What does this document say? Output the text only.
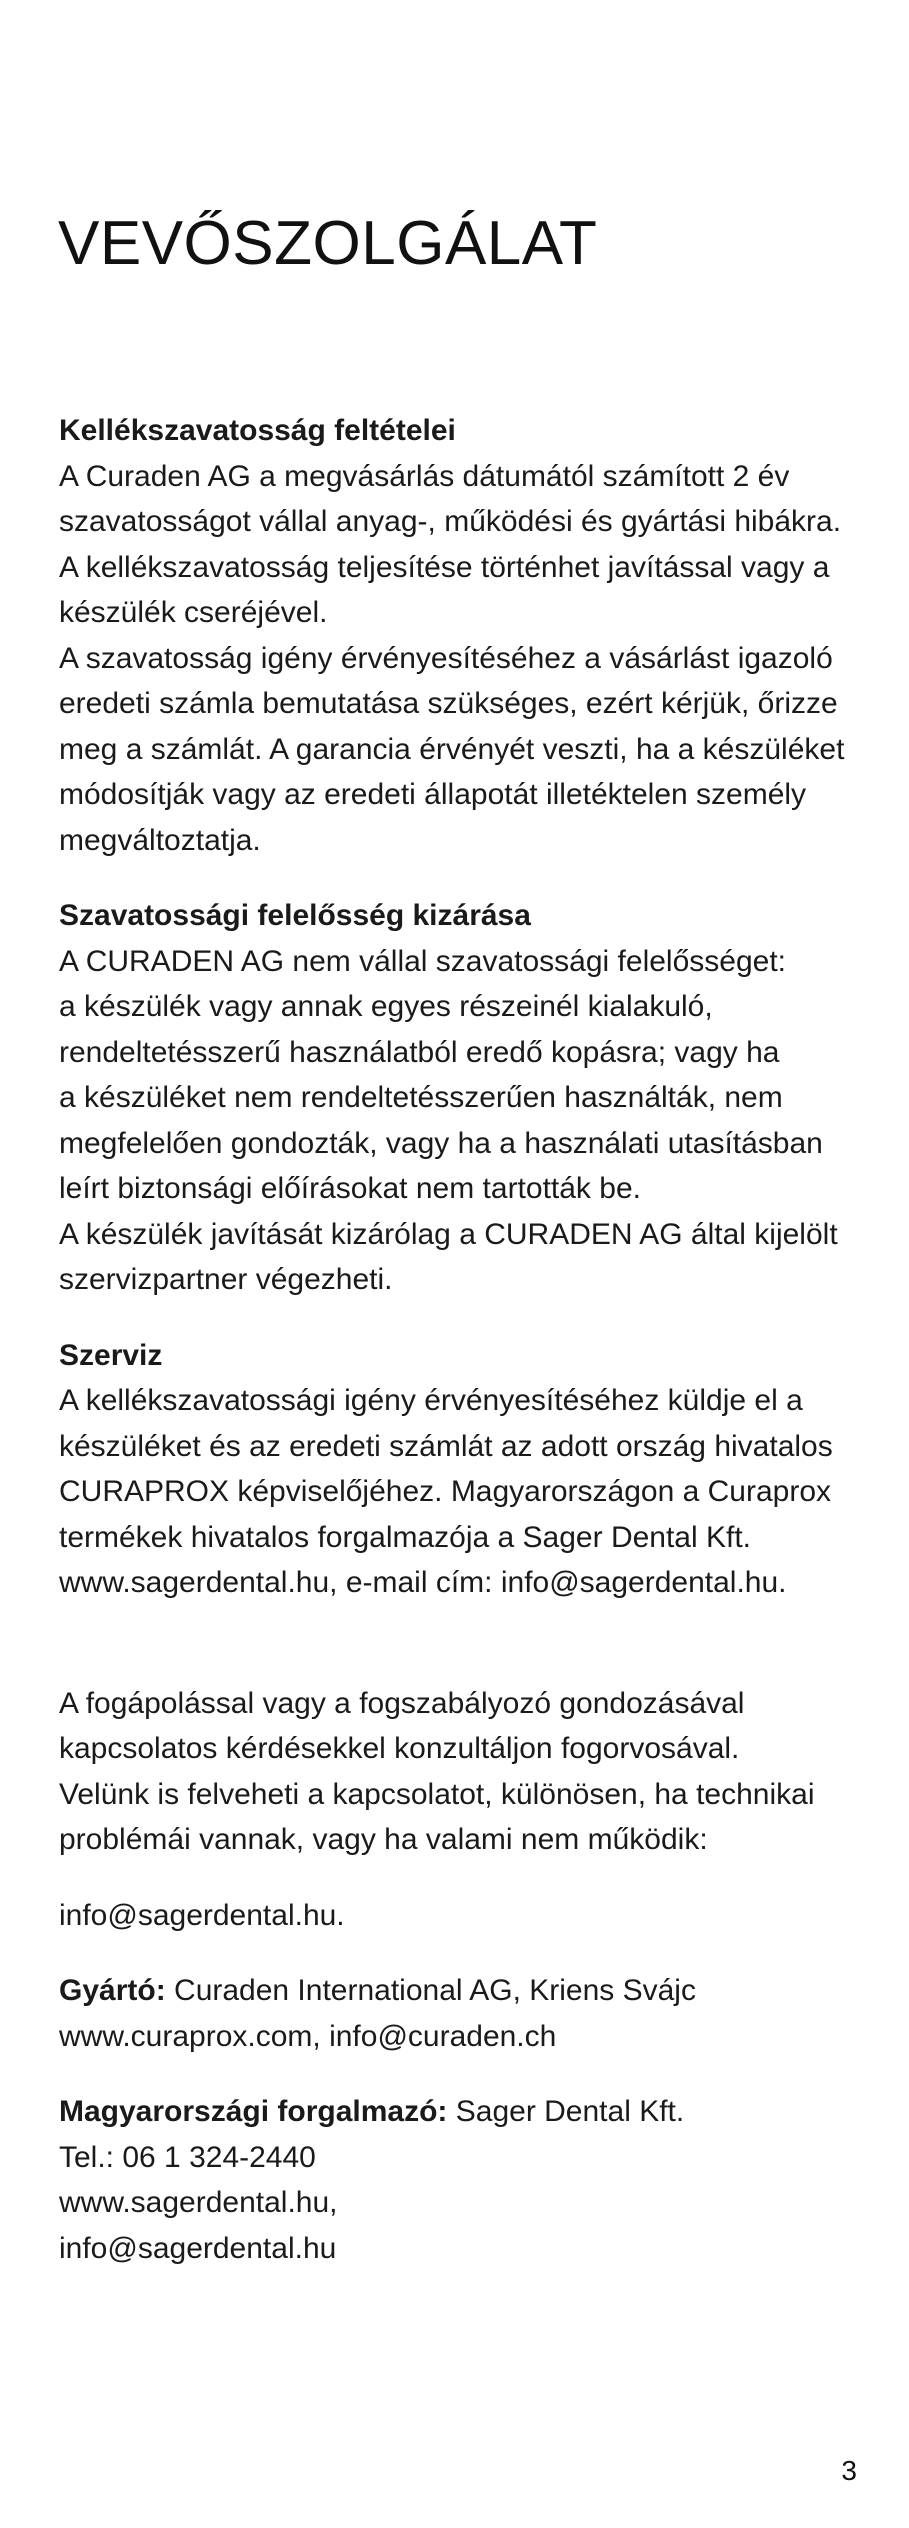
VEVŐSZOLGÁLAT
Kellékszavatosság feltételei
A Curaden AG a megvásárlás dátumától számított 2 év
szavatosságot vállal anyag-, működési és gyártási hibákra.
A kellékszavatosság teljesítése történhet javítással vagy a
készülék cseréjével.
A szavatosság igény érvényesítéséhez a vásárlást igazoló
eredeti számla bemutatása szükséges, ezért kérjük, őrizze
meg a számlát. A garancia érvényét veszti, ha a készüléket
módosítják vagy az eredeti állapotát illetéktelen személy
megváltoztatja.
Szavatossági felelősség kizárása
A CURADEN AG nem vállal szavatossági felelősséget:
a készülék vagy annak egyes részeinél kialakuló,
rendeltetésszerű használatból eredő kopásra; vagy ha
a készüléket nem rendeltetésszerűen használták, nem
megfelelően gondozták, vagy ha a használati utasításban
leírt biztonsági előírásokat nem tartották be.
A készülék javítását kizárólag a CURADEN AG által kijelölt
szervizpartner végezheti.
Szerviz
A kellékszavatossági igény érvényesítéséhez küldje el a
készüléket és az eredeti számlát az adott ország hivatalos
CURAPROX képviselőjéhez. Magyarországon a Curaprox
termékek hivatalos forgalmazója a Sager Dental Kft.
www.sagerdental.hu, e-mail cím: info@sagerdental.hu.
A fogápolással vagy a fogszabályozó gondozásával
kapcsolatos kérdésekkel konzultáljon fogorvosával.
Velünk is felveheti a kapcsolatot, különösen, ha technikai
problémái vannak, vagy ha valami nem működik:
info@sagerdental.hu.
Gyártó: Curaden International AG, Kriens Svájc
www.curaprox.com, info@curaden.ch
Magyarországi forgalmazó: Sager Dental Kft.
Tel.: 06 1 324-2440
www.sagerdental.hu,
info@sagerdental.hu
3
